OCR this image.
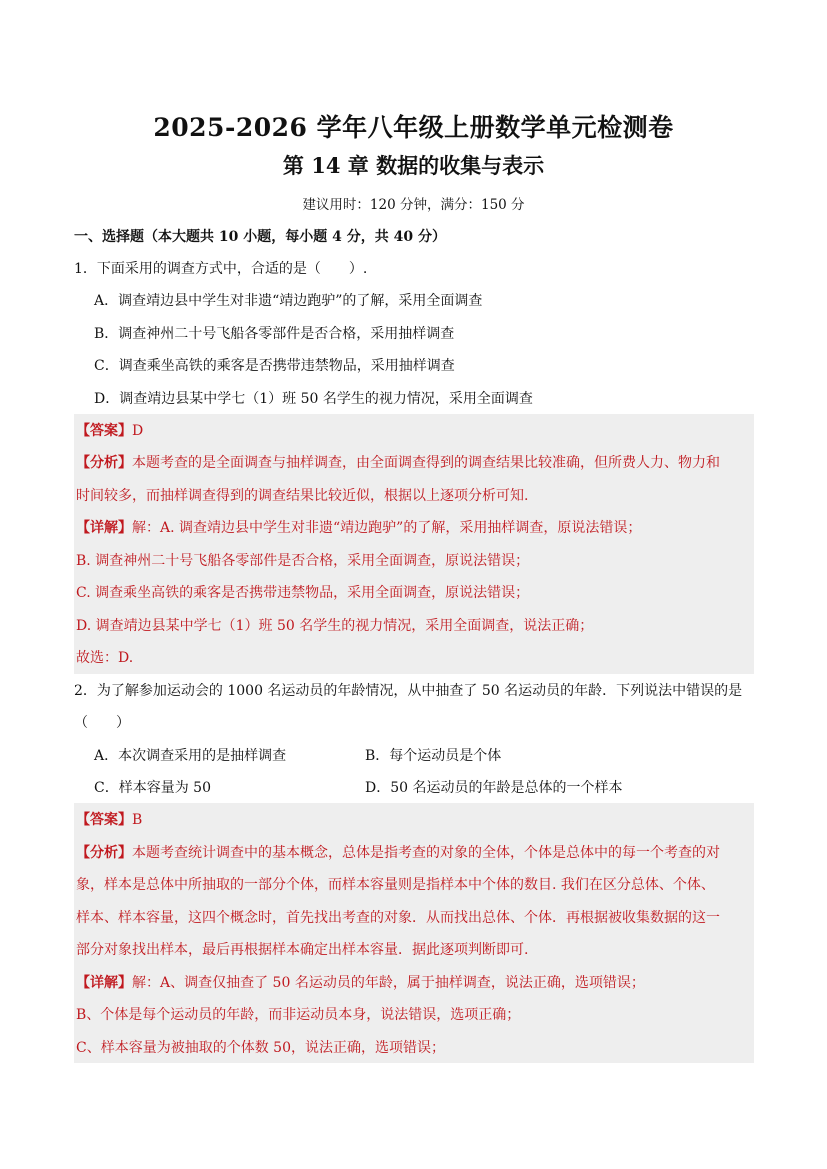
2025-2026 学年八年级上册数学单元检测卷
第 14 章 数据的收集与表示
建议用时：120 分钟，满分：150 分
一、选择题（本大题共 10 小题，每小题 4 分，共 40 分）
1．下面采用的调查方式中，合适的是（　　）.
A．调查靖边县中学生对非遗“靖边跑驴”的了解，采用全面调查
B．调查神州二十号飞船各零部件是否合格，采用抽样调查
C．调查乘坐高铁的乘客是否携带违禁物品，采用抽样调查
D．调查靖边县某中学七（1）班 50 名学生的视力情况，采用全面调查
【答案】D
【分析】本题考查的是全面调查与抽样调查，由全面调查得到的调查结果比较准确，但所费人力、物力和
时间较多，而抽样调查得到的调查结果比较近似，根据以上逐项分析可知.
【详解】解：A. 调查靖边县中学生对非遗“靖边跑驴”的了解，采用抽样调查，原说法错误；
B. 调查神州二十号飞船各零部件是否合格，采用全面调查，原说法错误；
C. 调查乘坐高铁的乘客是否携带违禁物品，采用全面调查，原说法错误；
D. 调查靖边县某中学七（1）班 50 名学生的视力情况，采用全面调查，说法正确；
故选：D.
2．为了解参加运动会的 1000 名运动员的年龄情况，从中抽查了 50 名运动员的年龄．下列说法中错误的是
（　　）
A．本次调查采用的是抽样调查	B．每个运动员是个体
C．样本容量为 50	D．50 名运动员的年龄是总体的一个样本
【答案】B
【分析】本题考查统计调查中的基本概念，总体是指考查的对象的全体，个体是总体中的每一个考查的对
象，样本是总体中所抽取的一部分个体，而样本容量则是指样本中个体的数目. 我们在区分总体、个体、
样本、样本容量，这四个概念时，首先找出考查的对象．从而找出总体、个体．再根据被收集数据的这一
部分对象找出样本，最后再根据样本确定出样本容量．据此逐项判断即可.
【详解】解：A、调查仅抽查了 50 名运动员的年龄，属于抽样调查，说法正确，选项错误；
B、个体是每个运动员的年龄，而非运动员本身，说法错误，选项正确；
C、样本容量为被抽取的个体数 50，说法正确，选项错误；
